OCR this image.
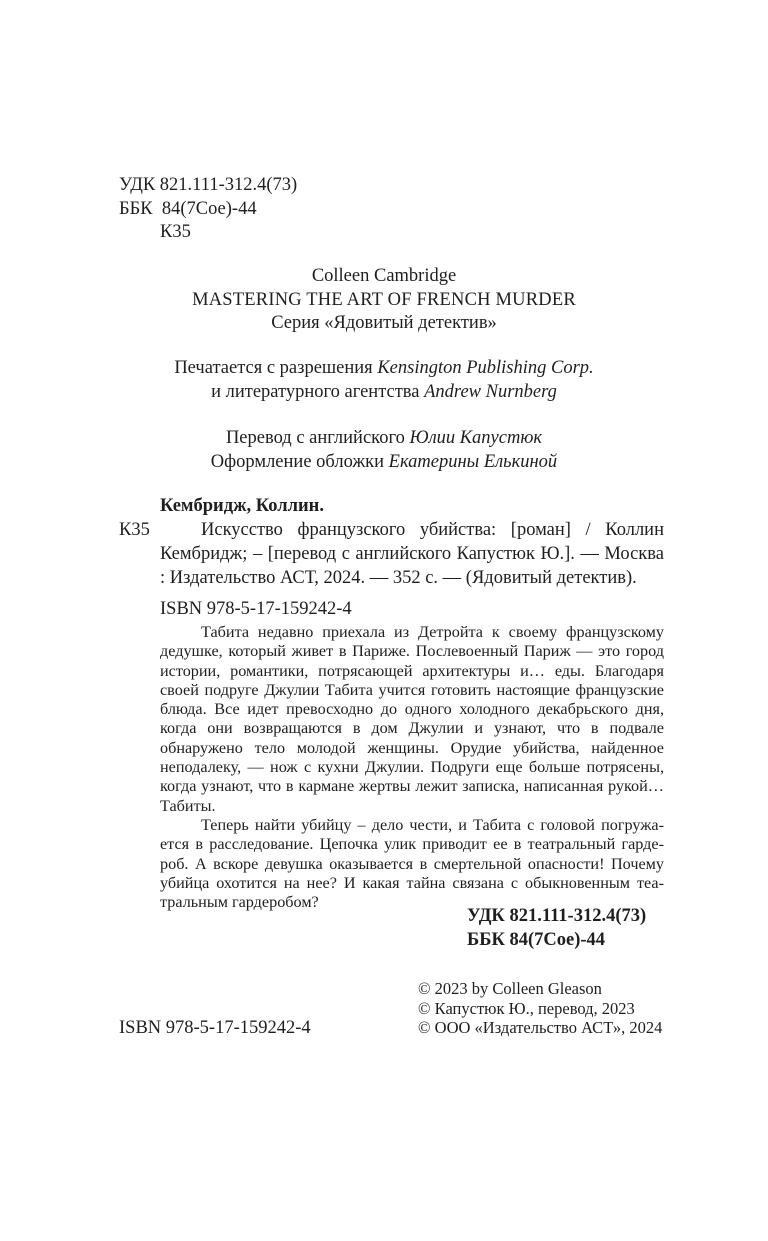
УДК 821.111-312.4(73)
ББК  84(7Сое)-44
К35
Colleen Cambridge
MASTERING THE ART OF FRENCH MURDER
Серия «Ядовитый детектив»
Печатается с разрешения Kensington Publishing Corp.
и литературного агентства Andrew Nurnberg
Перевод с английского Юлии Капустюк
Оформление обложки Екатерины Елькиной
Кембридж, Коллин.
К35	Искусство французского убийства: [роман] / Коллин Кембридж; – [перевод с английского Капустюк Ю.]. — Москва : Издательство АСТ, 2024. — 352 с. — (Ядовитый детектив).
ISBN 978-5-17-159242-4

Табита недавно приехала из Детройта к своему французскому дедушке, который живет в Париже. Послевоенный Париж — это город истории, романтики, потрясающей архитектуры и… еды. Благодаря своей подруге Джулии Табита учится готовить настоящие французские блюда. Все идет превосходно до одного холодного декабрьского дня, когда они возвращаются в дом Джулии и узнают, что в подвале обнаружено тело молодой женщины. Орудие убийства, найденное неподалеку, — нож с кухни Джулии. Подруги еще больше потрясены, когда узнают, что в кармане жертвы лежит записка, написанная рукой… Табиты.

Теперь найти убийцу – дело чести, и Табита с головой погружается в расследование. Цепочка улик приводит ее в театральный гардероб. А вскоре девушка оказывается в смертельной опасности! Почему убийца охотится на нее? И какая тайна связана с обыкновенным театральным гардеробом?

УДК 821.111-312.4(73)
ББК 84(7Сое)-44
ISBN 978-5-17-159242-4
© 2023 by Colleen Gleason
© Капустюк Ю., перевод, 2023
© ООО «Издательство АСТ», 2024
